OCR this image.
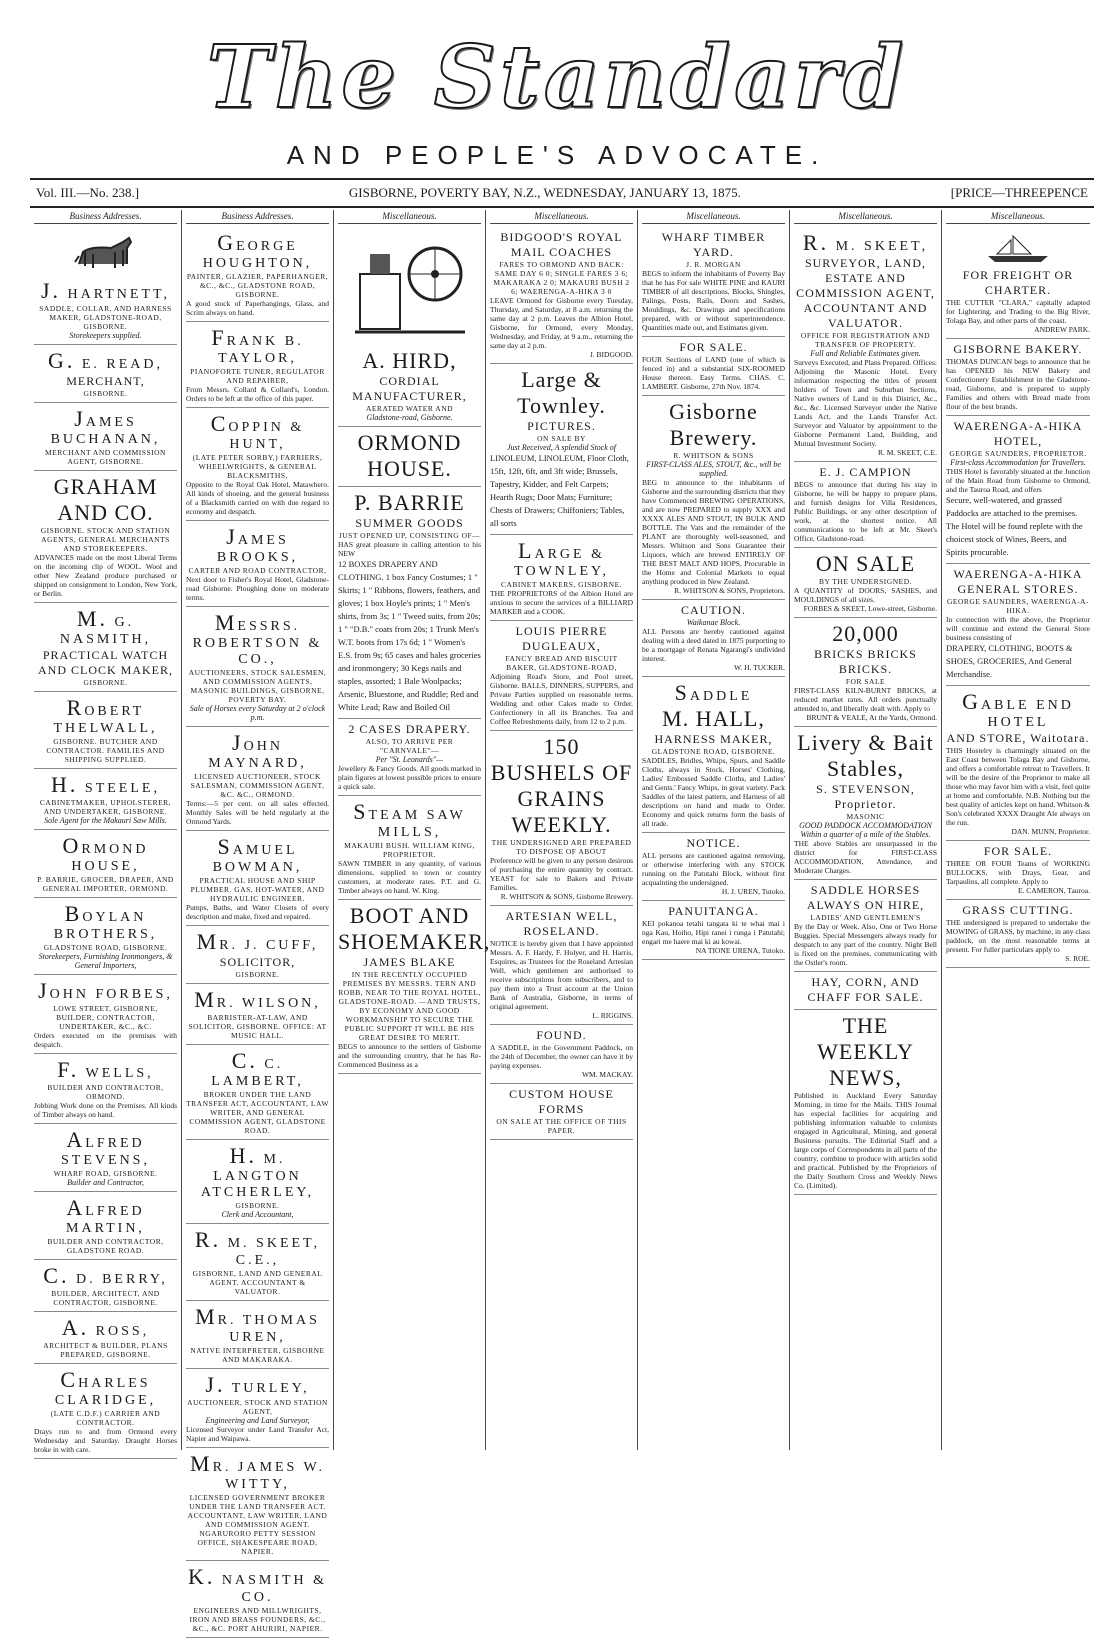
The Standard
AND PEOPLE'S ADVOCATE.
Vol. III.—No. 238.]	GISBORNE, POVERTY BAY, N.Z., WEDNESDAY, JANUARY 13, 1875.	[PRICE—THREEPENCE
Business Addresses.
J. HARTNETT,
SADDLE, COLLAR, AND HARNESS MAKER, GLADSTONE-ROAD, GISBORNE.
Storekeepers supplied.
G. E. READ,
MERCHANT,
GISBORNE.
JAMES BUCHANAN,
MERCHANT AND COMMISSION AGENT, GISBORNE.
GRAHAM AND CO.
GISBORNE. STOCK AND STATION AGENTS, GENERAL MERCHANTS AND STOREKEEPERS.
ADVANCES made on the most Liberal Terms on the incoming clip of WOOL. Wool and other New Zealand produce purchased or shipped on consignment to London, New York, or Berlin.
M. G. NASMITH,
PRACTICAL WATCH AND CLOCK MAKER,
GISBORNE.
ROBERT THELWALL,
GISBORNE. BUTCHER AND CONTRACTOR. FAMILIES AND SHIPPING SUPPLIED.
H. STEELE,
CABINETMAKER, UPHOLSTERER, AND UNDERTAKER, GISBORNE.
Sole Agent for the Makauri Saw Mills.
ORMOND HOUSE,
P. BARRIE, GROCER, DRAPER, AND GENERAL IMPORTER, ORMOND.
BOYLAN BROTHERS,
GLADSTONE ROAD, GISBORNE.
Storekeepers, Furnishing Ironmongers, & General Importers,
JOHN FORBES,
LOWE STREET, GISBORNE, BUILDER, CONTRACTOR, UNDERTAKER, &C., &C.
Orders executed on the premises with despatch.
F. WELLS,
BUILDER AND CONTRACTOR, ORMOND.
Jobbing Work done on the Premises. All kinds of Timber always on hand.
ALFRED STEVENS,
WHARF ROAD, GISBORNE.
Builder and Contractor,
ALFRED MARTIN,
BUILDER AND CONTRACTOR, GLADSTONE ROAD.
C. D. BERRY,
BUILDER, ARCHITECT, AND CONTRACTOR, GISBORNE.
A. ROSS,
ARCHITECT & BUILDER, PLANS PREPARED, GISBORNE.
CHARLES CLARIDGE,
(LATE C.D.F.) CARRIER AND CONTRACTOR.
Drays run to and from Ormond every Wednesday and Saturday. Draught Horses broke in with care.
Business Addresses.
GEORGE HOUGHTON,
PAINTER, GLAZIER, PAPERHANGER, &C., &C., GLADSTONE ROAD, GISBORNE.
A good stock of Paperhangings, Glass, and Scrim always on hand.
FRANK B. TAYLOR,
PIANOFORTE TUNER, REGULATOR AND REPAIRER,
From Messrs. Collard & Collard's, London. Orders to be left at the office of this paper.
COPPIN & HUNT,
(LATE PETER SORBY,) FARRIERS, WHEELWRIGHTS, & GENERAL BLACKSMITHS,
Opposite to the Royal Oak Hotel, Matawhero. All kinds of shoeing, and the general business of a Blacksmith carried on with due regard to economy and despatch.
JAMES BROOKS,
CARTER AND ROAD CONTRACTOR,
Next door to Fisher's Royal Hotel, Gladstone-road Gisborne. Ploughing done on moderate terms.
MESSRS. ROBERTSON & CO.,
AUCTIONEERS, STOCK SALESMEN, AND COMMISSION AGENTS, MASONIC BUILDINGS, GISBORNE, POVERTY BAY.
Sale of Horses every Saturday at 2 o'clock p.m.
JOHN MAYNARD,
LICENSED AUCTIONEER, STOCK SALESMAN, COMMISSION AGENT, &C. &C., ORMOND.
Terms:—5 per cent. on all sales effected. Monthly Sales will be held regularly at the Ormond Yards.
SAMUEL BOWMAN,
PRACTICAL HOUSE AND SHIP PLUMBER. GAS, HOT-WATER, AND HYDRAULIC ENGINEER.
Pumps, Baths, and Water Closets of every description and make, fixed and repaired.
MR. J. CUFF,
SOLICITOR,
GISBORNE.
MR. WILSON,
BARRISTER-AT-LAW, AND SOLICITOR, GISBORNE. OFFICE: AT MUSIC HALL.
C. C. LAMBERT,
BROKER UNDER THE LAND TRANSFER ACT, ACCOUNTANT, LAW WRITER, AND GENERAL COMMISSION AGENT, GLADSTONE ROAD.
H. M. LANGTON ATCHERLEY,
GISBORNE.
Clerk and Accountant,
R. M. SKEET, C.E.,
GISBORNE, LAND AND GENERAL AGENT. ACCOUNTANT & VALUATOR.
MR. THOMAS UREN,
NATIVE INTERPRETER, GISBORNE AND MAKARAKA.
J. TURLEY,
AUCTIONEER, STOCK AND STATION AGENT,
Engineering and Land Surveyor,
Licensed Surveyor under Land Transfer Act, Napier and Waipawa.
MR. JAMES W. WITTY,
LICENSED GOVERNMENT BROKER UNDER THE LAND TRANSFER ACT. ACCOUNTANT, LAW WRITER, LAND AND COMMISSION AGENT. NGARURORO PETTY SESSION OFFICE, SHAKESPEARE ROAD, NAPIER.
K. NASMITH & CO.
ENGINEERS AND MILLWRIGHTS, IRON AND BRASS FOUNDERS, &C., &C., &C. PORT AHURIRI, NAPIER.
Miscellaneous.
A. HIRD,
CORDIAL MANUFACTURER,
AERATED WATER AND
Gladstone-road, Gisborne.
ORMOND HOUSE.
P. BARRIE
SUMMER GOODS
JUST OPENED UP, CONSISTING OF—
HAS great pleasure in calling attention to his NEW
12 BOXES DRAPERY AND CLOTHING. 1 box Fancy Costumes; 1 " Skirts; 1 " Ribbons, flowers, feathers, and gloves; 1 box Hoyle's prints; 1 " Men's shirts, from 3s; 1 " Tweed suits, from 20s; 1 " "D.B." coats from 20s; 1 Trunk Men's W.T. boots from 17s 6d; 1 " Women's E.S. from 9s; 65 cases and bales groceries and ironmongery; 30 Kegs nails and staples, assorted; 1 Bale Woolpacks; Arsenic, Bluestone, and Ruddle; Red and White Lead; Raw and Boiled Oil
2 CASES DRAPERY.
ALSO, TO ARRIVE PER "CARNVALE"—
Per "St. Leonards"—
Jewellery & Fancy Goods. All goods marked in plain figures at lowest possible prices to ensure a quick sale.
STEAM SAW MILLS,
MAKAURI BUSH. WILLIAM KING, PROPRIETOR.
SAWN TIMBER in any quantity, of various dimensions, supplied to town or country customers, at moderate rates. P.T. and G. Timber always on hand. W. King.
BOOT AND SHOEMAKER,
JAMES BLAKE
IN THE RECENTLY OCCUPIED PREMISES BY MESSRS. TERN AND ROBB, NEAR TO THE ROYAL HOTEL, GLADSTONE-ROAD. —AND TRUSTS, BY ECONOMY AND GOOD WORKMANSHIP TO SECURE THE PUBLIC SUPPORT IT WILL BE HIS GREAT DESIRE TO MERIT.
BEGS to announce to the settlers of Gisborne and the surrounding country, that he has Re-Commenced Business as a
Miscellaneous.
BIDGOOD'S ROYAL MAIL COACHES
FARES TO ORMOND AND BACK: SAME DAY 6 0; SINGLE FARES 3 6; MAKARAKA 2 0; MAKAURI BUSH 2 6; WAERENGA-A-HIKA 3 0
LEAVE Ormond for Gisborne every Tuesday, Thursday, and Saturday, at 8 a.m. returning the same day at 2 p.m. Leaves the Albion Hotel, Gisborne, for Ormond, every Monday, Wednesday, and Friday, at 9 a.m., returning the same day at 2 p.m.
J. BIDGOOD.
Large & Townley.
PICTURES.
ON SALE BY
Just Received, A splendid Stock of
LINOLEUM, LINOLEUM, Floor Cloth, 15ft, 12ft, 6ft, and 3ft wide; Brussels, Tapestry, Kidder, and Felt Carpets; Hearth Rugs; Door Mats; Furniture; Chests of Drawers; Chiffoniers; Tables, all sorts
LARGE & TOWNLEY,
CABINET MAKERS, GISBORNE.
THE PROPRIETORS of the Albion Hotel are anxious to secure the services of a BILLIARD MARKER and a COOK.
LOUIS PIERRE DUGLEAUX,
FANCY BREAD AND BISCUIT BAKER, GLADSTONE-ROAD,
Adjoining Read's Store, and Pool street, Gisborne. BALLS, DINNERS, SUPPERS, and Private Parties supplied on reasonable terms. Wedding and other Cakes made to Order. Confectionery in all its Branches. Tea and Coffee Refreshments daily, from 12 to 2 p.m.
150 BUSHELS OF GRAINS WEEKLY.
THE UNDERSIGNED ARE PREPARED TO DISPOSE OF ABOUT
Preference will be given to any person desirous of purchasing the entire quantity by contract. YEAST for sale to Bakers and Private Families.
R. WHITSON & SONS, Gisborne Brewery.
ARTESIAN WELL, ROSELAND.
NOTICE is hereby given that I have appointed Messrs. A. F. Hardy, F. Holyer, and H. Harris, Esquires, as Trustees for the Roseland Artesian Well, which gentlemen are authorised to receive subscriptions from subscribers, and to pay them into a Trust account at the Union Bank of Australia, Gisborne, in terms of original agreement.
L. RIGGINS.
FOUND.
A SADDLE, in the Government Paddock, on the 24th of December, the owner can have it by paying expenses.
WM. MACKAY.
CUSTOM HOUSE FORMS
ON SALE AT THE OFFICE OF THIS PAPER.
Miscellaneous.
WHARF TIMBER YARD.
J. R. MORGAN
BEGS to inform the inhabitants of Poverty Bay that he has For sale WHITE PINE and KAURI TIMBER of all descriptions, Blocks, Shingles, Palings, Posts, Rails, Doors and Sashes, Mouldings, &c. Drawings and specifications prepared, with or without superintendence. Quantities made out, and Estimates given.
FOR SALE.
FOUR Sections of LAND (one of which is fenced in) and a substantial SIX-ROOMED House thereon. Easy Terms. CHAS. C. LAMBERT. Gisborne, 27th Nov. 1874.
Gisborne Brewery.
R. WHITSON & SONS
FIRST-CLASS ALES, STOUT, &c., will be supplied.
BEG to announce to the inhabitants of Gisborne and the surrounding districts that they have Commenced BREWING OPERATIONS, and are now PREPARED to supply XXX and XXXX ALES AND STOUT, IN BULK AND BOTTLE. The Vats and the remainder of the PLANT are thoroughly well-seasoned, and Messrs. Whitson and Sons Guarantee their Liquors, which are brewed ENTIRELY OF THE BEST MALT AND HOPS, Procurable in the Home and Colonial Markets to equal anything produced in New Zealand.
R. WHITSON & SONS, Proprietors.
CAUTION.
Waikanae Block.
ALL Persons are hereby cautioned against dealing with a deed dated in 1875 purporting to be a mortgage of Renata Ngarangi's undivided interest.
W. H. TUCKER.
SADDLE
M. HALL,
HARNESS MAKER,
GLADSTONE ROAD, GISBORNE.
SADDLES, Bridles, Whips, Spurs, and Saddle Cloths, always in Stock. Horses' Clothing, Ladies' Embossed Saddle Cloths, and Ladies' and Gents.' Fancy Whips, in great variety. Pack Saddles of the latest pattern, and Harness of all descriptions on hand and made to Order. Economy and quick returns form the basis of all trade.
NOTICE.
ALL persons are cautioned against removing, or otherwise interfering with any STOCK running on the Patutahi Block, without first acquainting the undersigned.
H. J. UREN, Tutoko.
PANUITANGA.
KEI pokanoa tetahi tangata ki te whai mai i nga Kau, Hoiho, Hipi ranei i runga i Patutahi; engari me haere mai ki au kowai.
NA TIONE URENA, Tutoko.
Miscellaneous.
R. M. SKEET,
SURVEYOR, LAND, ESTATE AND COMMISSION AGENT, ACCOUNTANT AND VALUATOR.
OFFICE FOR REGISTRATION AND TRANSFER OF PROPERTY.
Full and Reliable Estimates given.
Surveys Executed, and Plans Prepared. Offices: Adjoining the Masonic Hotel. Every information respecting the titles of present holders of Town and Suburban Sections, Native owners of Land in this District, &c., &c., &c. Licensed Surveyor under the Native Lands Act, and the Lands Transfer Act. Surveyor and Valuator by appointment to the Gisborne Permanent Land, Building, and Mutual Investment Society.
R. M. SKEET, C.E.
E. J. CAMPION
BEGS to announce that during his stay in Gisborne, he will be happy to prepare plans, and furnish designs for Villa Residences, Public Buildings, or any other description of work, at the shortest notice. All communications to be left at Mr. Skeet's Office, Gladstone-road.
ON SALE
BY THE UNDERSIGNED.
A QUANTITY of DOORS, SASHES, and MOULDINGS of all sizes.
FORBES & SKEET, Lowe-street, Gisborne.
20,000
BRICKS BRICKS BRICKS.
FOR SALE
FIRST-CLASS KILN-BURNT BRICKS, at reduced market rates. All orders punctually attended to, and liberally dealt with. Apply to
BRUNT & VEALE, At the Yards, Ormond.
Livery & Bait Stables,
S. STEVENSON, Proprietor.
MASONIC
GOOD PADDOCK ACCOMMODATION Within a quarter of a mile of the Stables.
THE above Stables are unsurpassed in the district for FIRST-CLASS ACCOMMODATION, Attendance, and Moderate Charges.
SADDLE HORSES ALWAYS ON HIRE,
LADIES' AND GENTLEMEN'S
By the Day or Week. Also, One or Two Horse Buggies. Special Messengers always ready for despatch to any part of the country. Night Bell is fixed on the premises, communicating with the Ostler's room.
HAY, CORN, AND CHAFF FOR SALE.
THE WEEKLY NEWS,
Published in Auckland Every Saturday Morning, in time for the Mails. THIS Journal has especial facilities for acquiring and publishing information valuable to colonists engaged in Agricultural, Mining, and general Business pursuits. The Editorial Staff and a large corps of Correspondents in all parts of the country, combine to produce with articles solid and practical. Published by the Proprietors of the Daily Southern Cross and Weekly News Co. (Limited).
Miscellaneous.
FOR FREIGHT OR CHARTER.
THE CUTTER "CLARA," capitally adapted for Lightering, and Trading to the Big River, Tolaga Bay, and other parts of the coast.
ANDREW PARK.
GISBORNE BAKERY.
THOMAS DUNCAN begs to announce that he has OPENED his NEW Bakery and Confectionery Establishment in the Gladstone-road, Gisborne, and is prepared to supply Families and others with Bread made from flour of the best brands.
WAERENGA-A-HIKA HOTEL,
GEORGE SAUNDERS, PROPRIETOR.
First-class Accommodation for Travellers.
THIS Hotel is favorably situated at the Junction of the Main Road from Gisborne to Ormond, and the Tauroa Road, and offers
Secure, well-watered, and grassed Paddocks are attached to the premises. The Hotel will be found replete with the choicest stock of Wines, Beers, and Spirits procurable.
WAERENGA-A-HIKA GENERAL STORES.
GEORGE SAUNDERS, WAERENGA-A-HIKA.
In connection with the above, the Proprietor will continue and extend the General Store business consisting of
DRAPERY, CLOTHING, BOOTS & SHOES, GROCERIES, And General Merchandise.
GABLE END HOTEL
AND STORE, Waitotara.
THIS Hostelry is charmingly situated on the East Coast between Tolaga Bay and Gisborne, and offers a comfortable retreat to Travellers. It will be the desire of the Proprietor to make all those who may favor him with a visit, feel quite at home and comfortable. N.B. Nothing but the best quality of articles kept on hand. Whitson & Son's celebrated XXXX Draught Ale always on the run.
DAN. MUNN, Proprietor.
FOR SALE.
THREE OR FOUR Teams of WORKING BULLOCKS, with Drays, Gear, and Tarpaulins, all complete. Apply to
E. CAMERON, Tauroa.
GRASS CUTTING.
THE undersigned is prepared to undertake the MOWING of GRASS, by machine, in any class paddock, on the most reasonable terms at present. For fuller particulars apply to
S. ROE.
